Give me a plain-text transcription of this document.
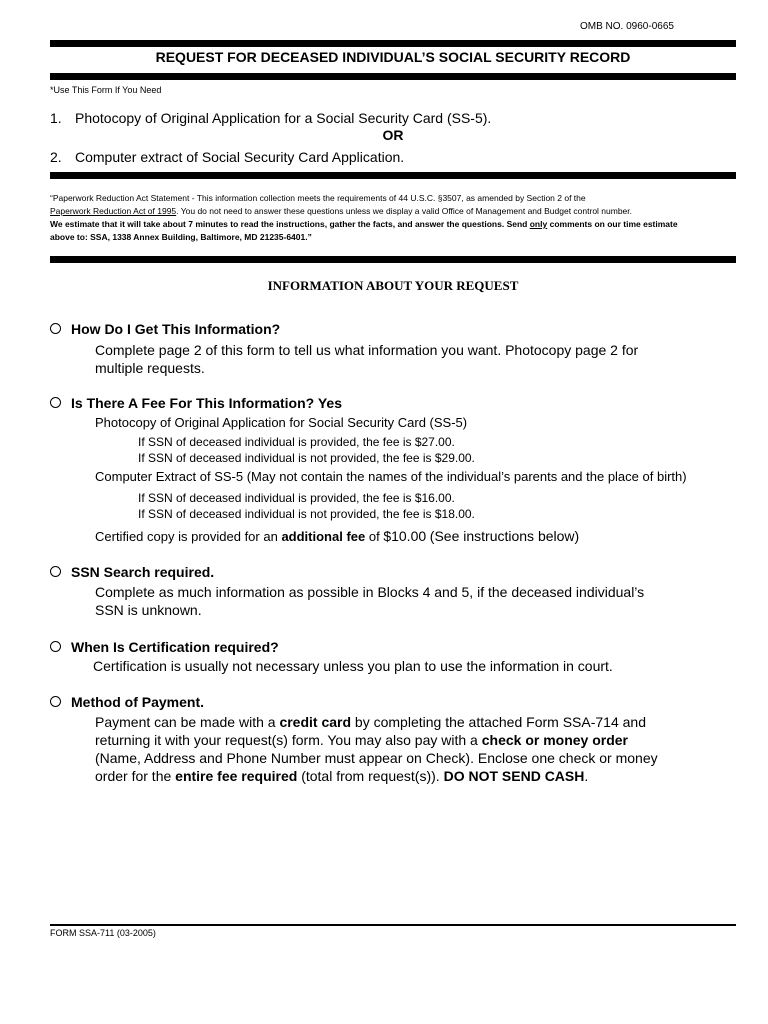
OMB NO. 0960-0665
REQUEST FOR DECEASED INDIVIDUAL’S SOCIAL SECURITY RECORD
*Use This Form If You Need
1. Photocopy of Original Application for a Social Security Card (SS-5).
OR
2. Computer extract of Social Security Card Application.
“Paperwork Reduction Act Statement - This information collection meets the requirements of 44 U.S.C. §3507, as amended by Section 2 of the
Paperwork Reduction Act of 1995. You do not need to answer these questions unless we display a valid Office of Management and Budget control number.
We estimate that it will take about 7 minutes to read the instructions, gather the facts, and answer the questions. Send only comments on our time estimate
above to: SSA, 1338 Annex Building, Baltimore, MD 21235-6401.”
INFORMATION ABOUT YOUR REQUEST
How Do I Get This Information?
Complete page 2 of this form to tell us what information you want. Photocopy page 2 for
multiple requests.
Is There A Fee For This Information? Yes
Photocopy of Original Application for Social Security Card (SS-5)
If SSN of deceased individual is provided, the fee is $27.00.
If SSN of deceased individual is not provided, the fee is $29.00.
Computer Extract of SS-5 (May not contain the names of the individual’s parents and the place of birth)
If SSN of deceased individual is provided, the fee is $16.00.
If SSN of deceased individual is not provided, the fee is $18.00.
Certified copy is provided for an additional fee of $10.00 (See instructions below)
SSN Search required.
Complete as much information as possible in Blocks 4 and 5, if the deceased individual’s
SSN is unknown.
When Is Certification required?
Certification is usually not necessary unless you plan to use the information in court.
Method of Payment.
Payment can be made with a credit card by completing the attached Form SSA-714 and
returning it with your request(s) form. You may also pay with a check or money order
(Name, Address and Phone Number must appear on Check). Enclose one check or money
order for the entire fee required (total from request(s)). DO NOT SEND CASH.
FORM SSA-711 (03-2005)
